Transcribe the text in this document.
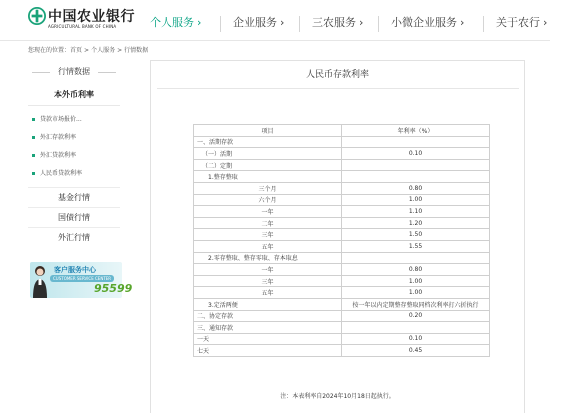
中国农业银行
AGRICULTURAL BANK OF CHINA	个人服务 ›	企业服务 ›	三农服务 ›	小微企业服务 ›	关于农行 ›
您现在的位置：首页 > 个人服务 > 行情数据
行情数据
本外币利率
贷款市场报价...
外汇存款利率
外汇贷款利率
人民币贷款利率
基金行情
国债行情
外汇行情
客户服务中心
CUSTOMER SERVICE CENTER
95599
人民币存款利率
项目	年利率（%）
一、活期存款	
（一）活期	0.10
（二）定期	
1.整存整取	
三个月	0.80
六个月	1.00
一年	1.10
二年	1.20
三年	1.50
五年	1.55
2.零存整取、整存零取、存本取息	
一年	0.80
三年	1.00
五年	1.00
3.定活两便	按一年以内定期整存整取同档次利率打六折执行
二、协定存款	0.20
三、通知存款	
一天	0.10
七天	0.45
注：本表利率自2024年10月18日起执行。
